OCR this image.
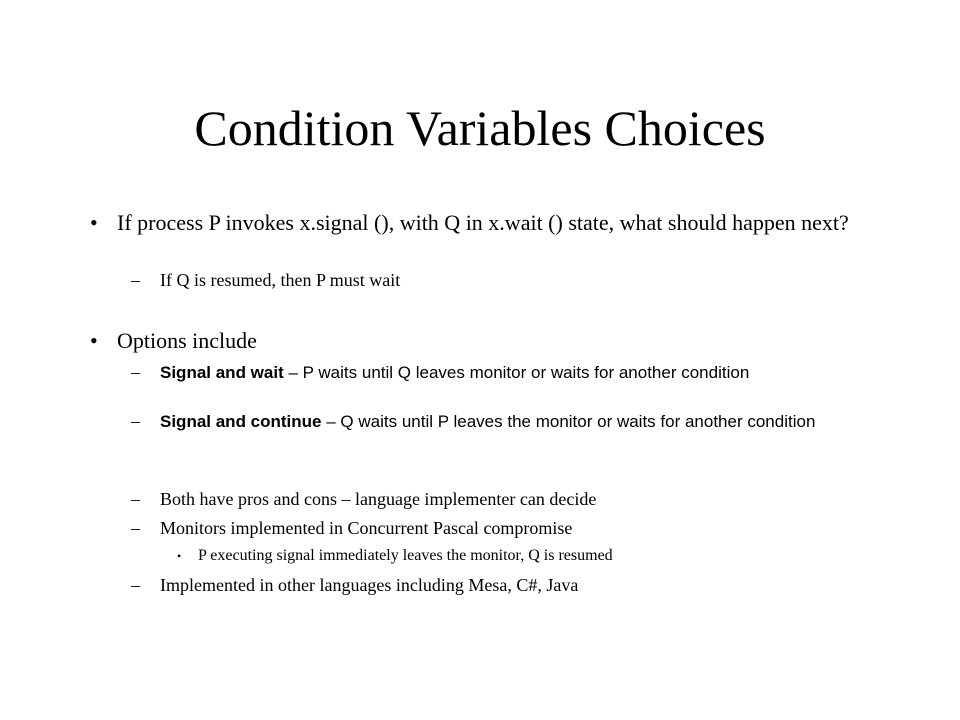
Condition Variables Choices
• If process P invokes x.signal (), with Q in x.wait () state, what should happen next?
– If Q is resumed, then P must wait
• Options include
– Signal and wait – P waits until Q leaves monitor or waits for another condition
– Signal and continue – Q waits until P leaves the monitor or waits for another condition
– Both have pros and cons – language implementer can decide
– Monitors implemented in Concurrent Pascal compromise
• P executing signal immediately leaves the monitor, Q is resumed
– Implemented in other languages including Mesa, C#, Java
